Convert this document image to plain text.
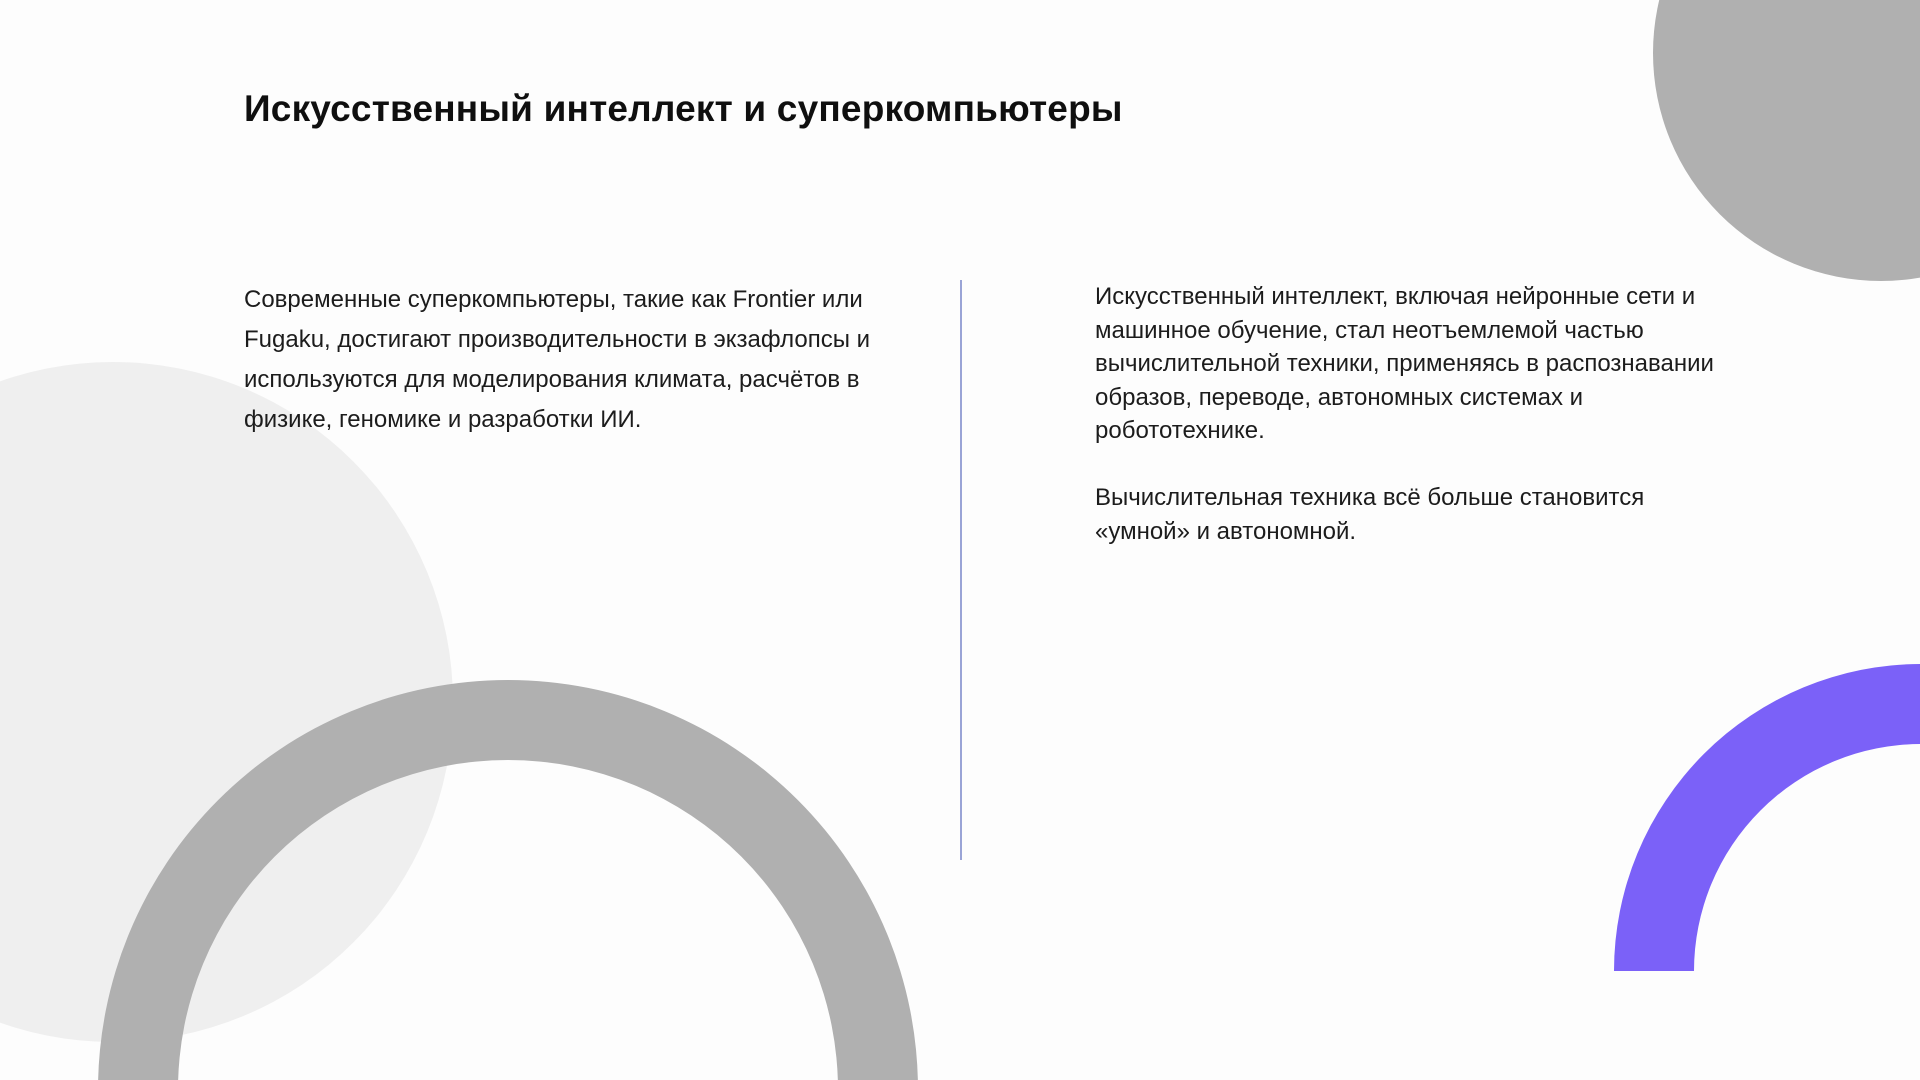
Искусственный интеллект и суперкомпьютеры

Современные суперкомпьютеры, такие как Frontier или Fugaku, достигают производительности в экзафлопсы и используются для моделирования климата, расчётов в физике, геномике и разработки ИИ.

Искусственный интеллект, включая нейронные сети и машинное обучение, стал неотъемлемой частью вычислительной техники, применяясь в распознавании образов, переводе, автономных системах и робототехнике.

Вычислительная техника всё больше становится «умной» и автономной.
